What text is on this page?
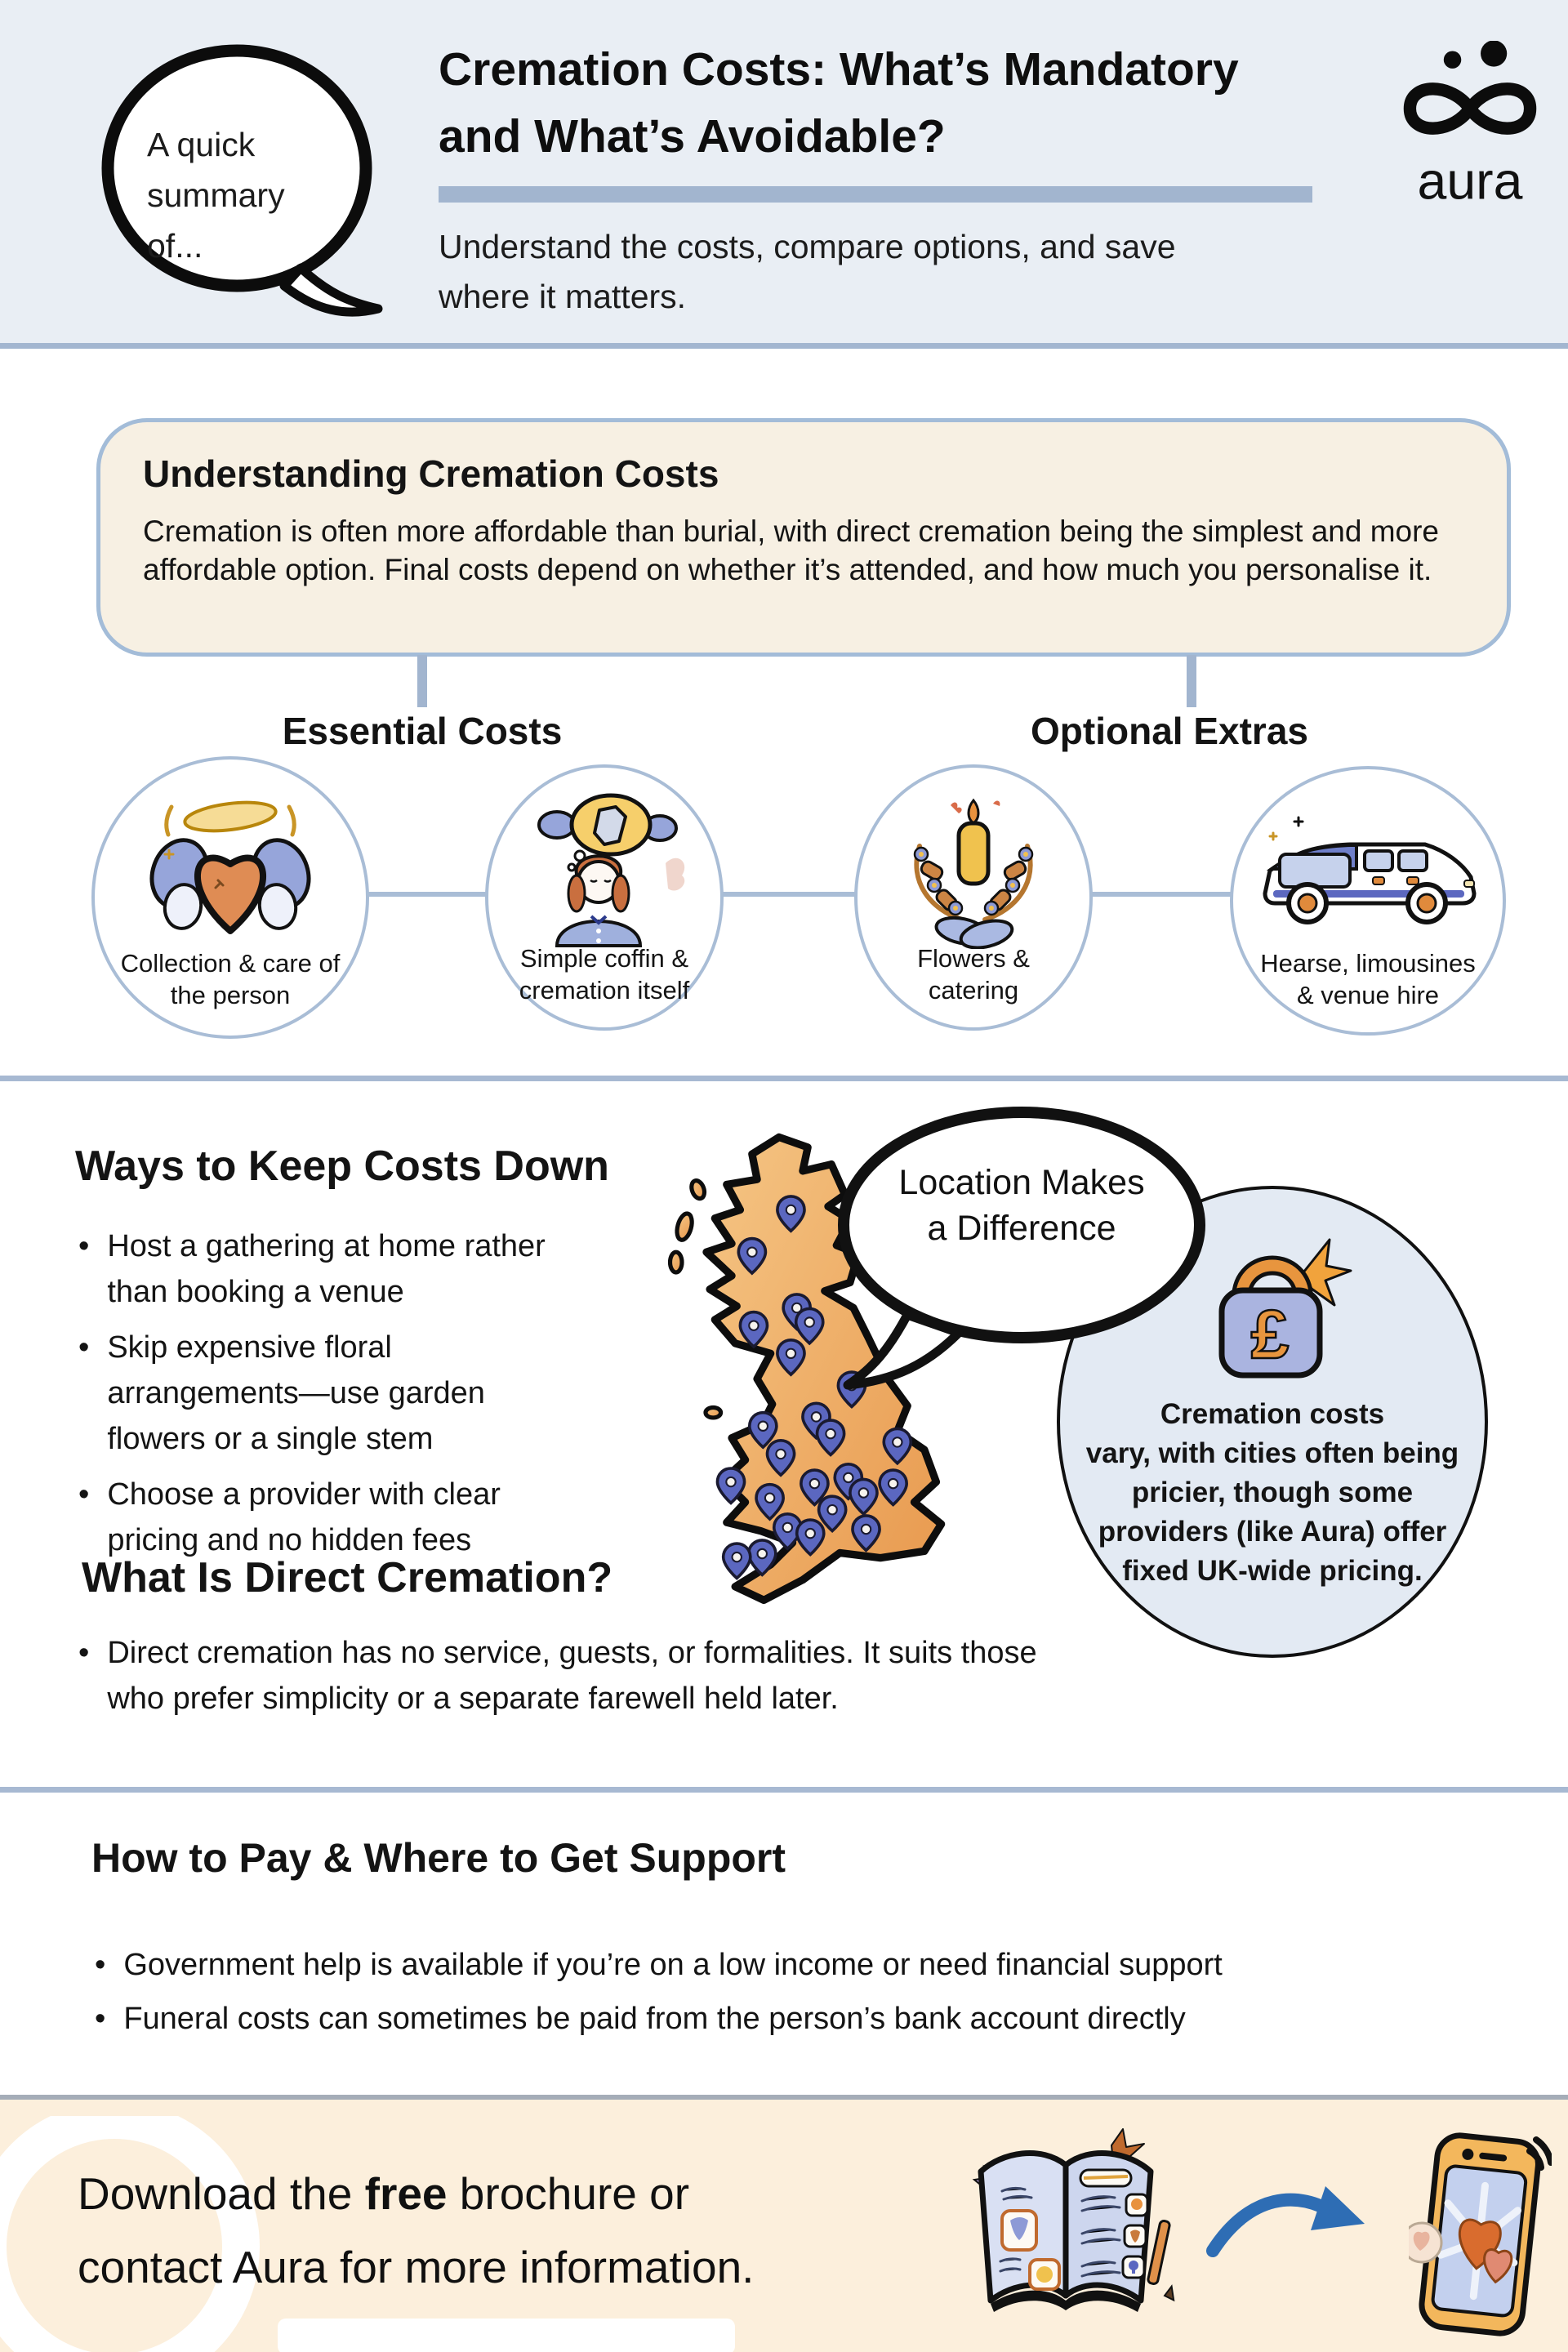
A quick
summary of...
Cremation Costs: What’s Mandatory
and What’s Avoidable?
Understand the costs, compare options, and save where it matters.
aura
Understanding Cremation Costs
Cremation is often more affordable than burial, with direct cremation being the simplest and more affordable option. Final costs depend on whether it’s attended, and how much you personalise it.
Essential Costs	Optional Extras
Collection & care of the person
Simple coffin & cremation itself
Flowers & catering
Hearse, limousines & venue hire
Ways to Keep Costs Down
• Host a gathering at home rather than booking a venue
• Skip expensive floral arrangements—use garden flowers or a single stem
• Choose a provider with clear pricing and no hidden fees
Location Makes
a Difference
£
Cremation costs
vary, with cities often being
pricier, though some
providers (like Aura) offer
fixed UK-wide pricing.
What Is Direct Cremation?
• Direct cremation has no service, guests, or formalities. It suits those who prefer simplicity or a separate farewell held later.
How to Pay & Where to Get Support
• Government help is available if you’re on a low income or need financial support
• Funeral costs can sometimes be paid from the person’s bank account directly
Download the free brochure or
contact Aura for more information.
